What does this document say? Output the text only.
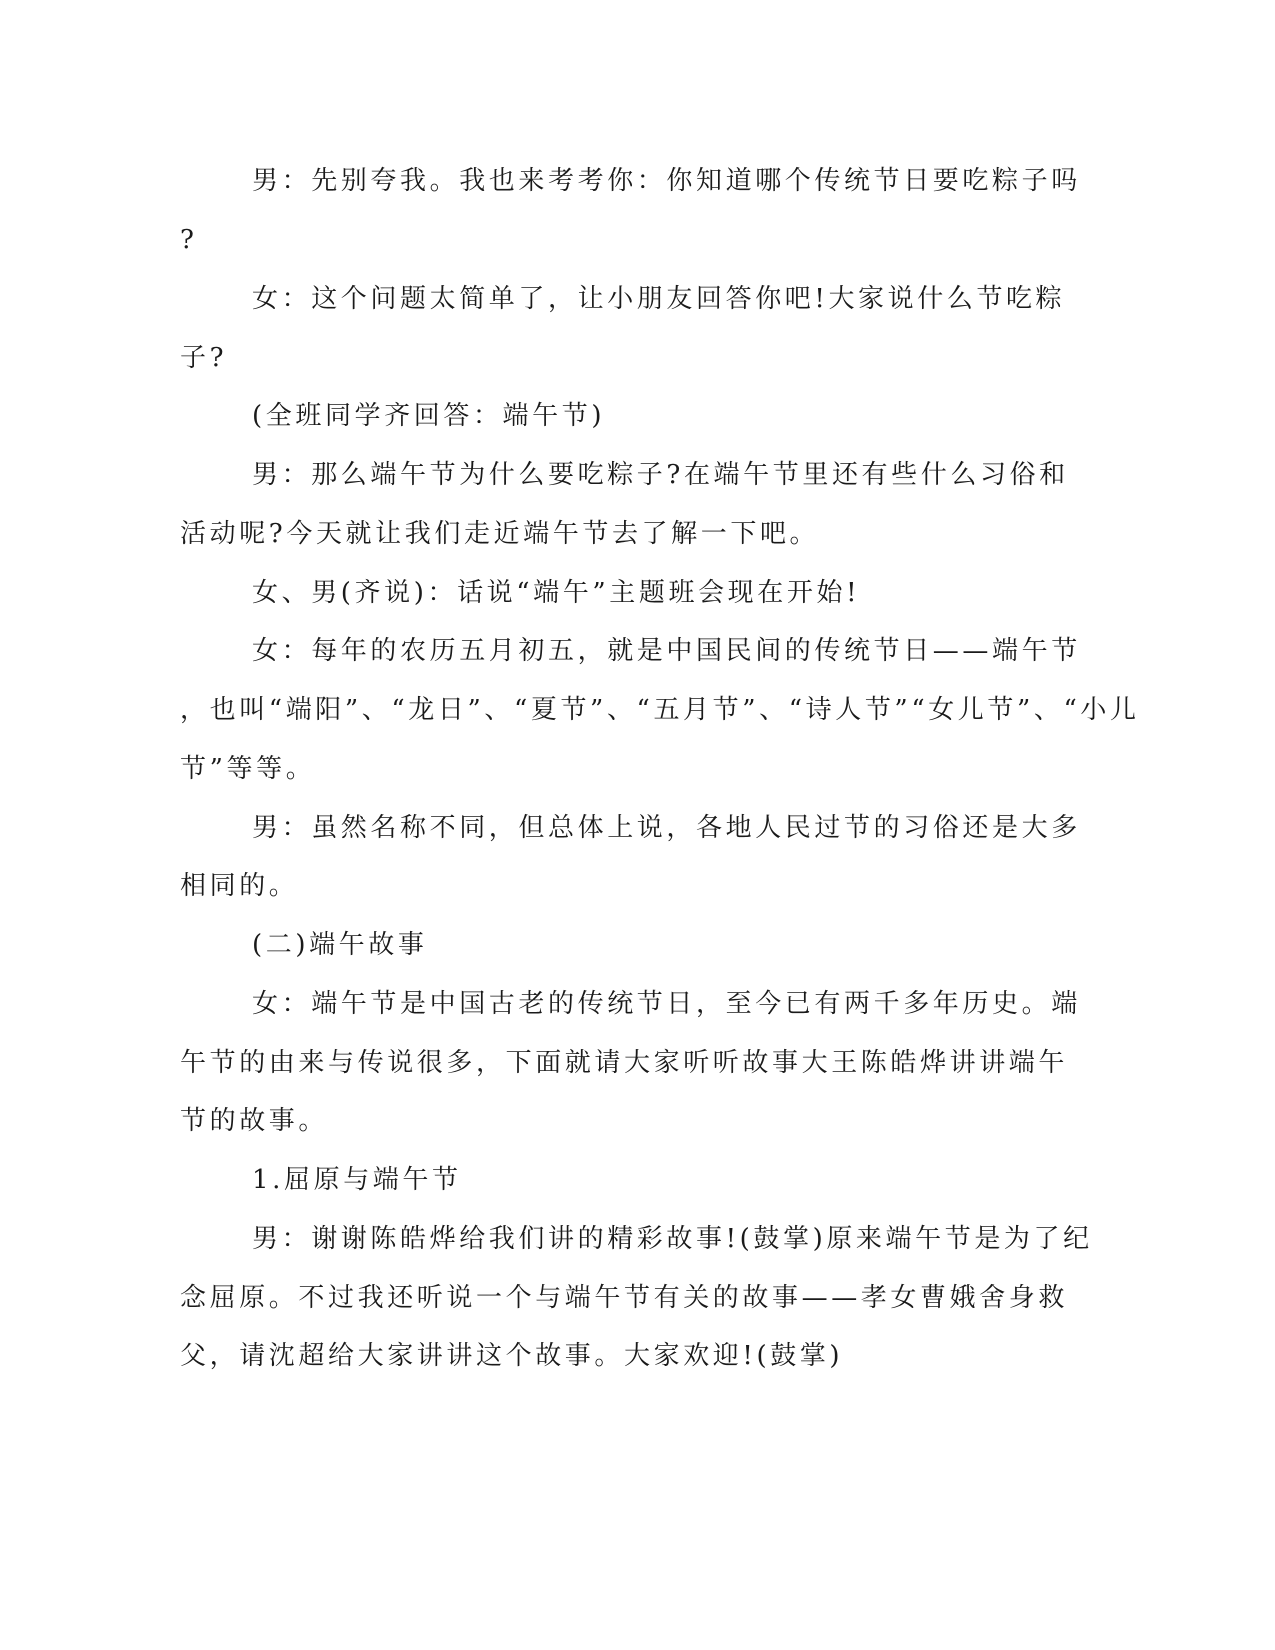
男：先别夸我。我也来考考你：你知道哪个传统节日要吃粽子吗
?
女：这个问题太简单了，让小朋友回答你吧!大家说什么节吃粽
子?
(全班同学齐回答：端午节)
男：那么端午节为什么要吃粽子?在端午节里还有些什么习俗和
活动呢?今天就让我们走近端午节去了解一下吧。
女、男(齐说)：话说“端午”主题班会现在开始!
女：每年的农历五月初五，就是中国民间的传统节日——端午节
，也叫“端阳”、“龙日”、“夏节”、“五月节”、“诗人节”“女儿节”、“小儿
节”等等。
男：虽然名称不同，但总体上说，各地人民过节的习俗还是大多
相同的。
(二)端午故事
女：端午节是中国古老的传统节日，至今已有两千多年历史。端
午节的由来与传说很多，下面就请大家听听故事大王陈皓烨讲讲端午
节的故事。
1.屈原与端午节
男：谢谢陈皓烨给我们讲的精彩故事!(鼓掌)原来端午节是为了纪
念屈原。不过我还听说一个与端午节有关的故事——孝女曹娥舍身救
父，请沈超给大家讲讲这个故事。大家欢迎!(鼓掌)
